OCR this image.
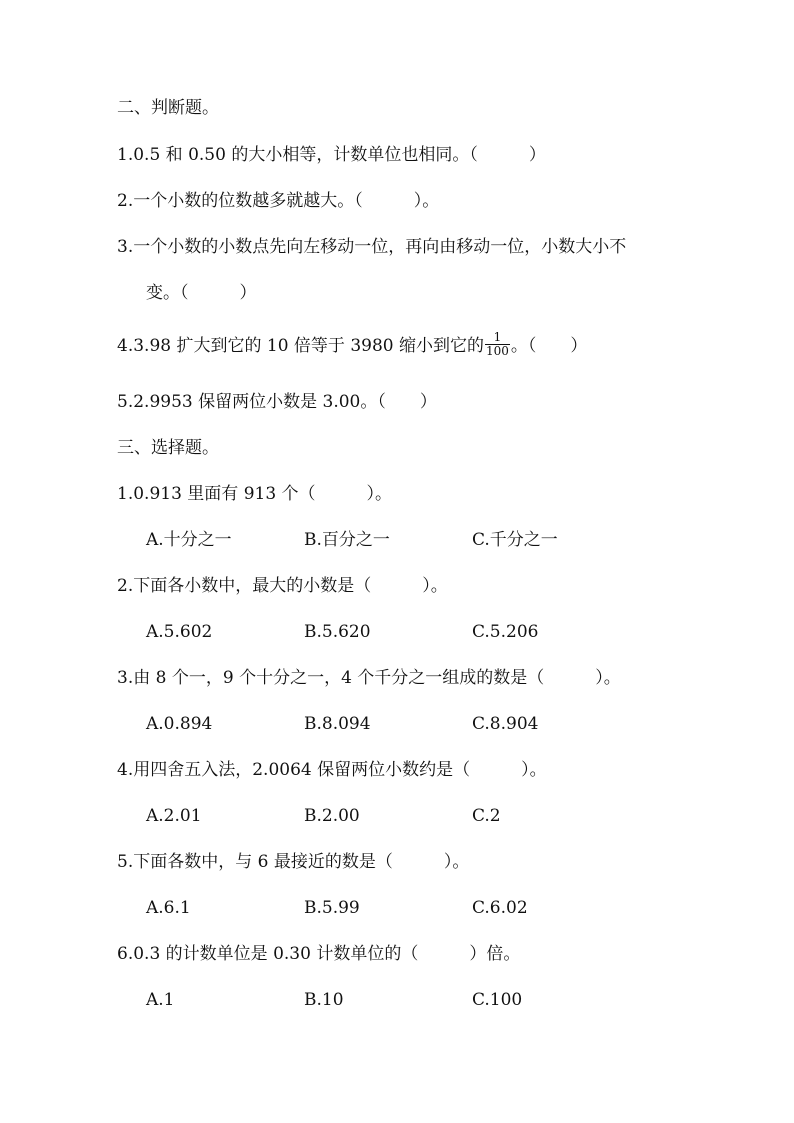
二、判断题。
1.0.5 和 0.50 的大小相等，计数单位也相同。（　　　）
2.一个小数的位数越多就越大。（　　　）。
3.一个小数的小数点先向左移动一位，再向由移动一位，小数大小不
变。（　　　）
4.3.98 扩大到它的 10 倍等于 3980 缩小到它的 $\frac{1}{100}$ 。（　　）
5.2.9953 保留两位小数是 3.00。（　　）
三、选择题。
1.0.913 里面有 913 个（　　　）。
A.十分之一	B.百分之一	C.千分之一
2.下面各小数中，最大的小数是（　　　）。
A.5.602	B.5.620	C.5.206
3.由 8 个一，9 个十分之一，4 个千分之一组成的数是（　　　）。
A.0.894	B.8.094	C.8.904
4.用四舍五入法，2.0064 保留两位小数约是（　　　）。
A.2.01	B.2.00	C.2
5.下面各数中，与 6 最接近的数是（　　　）。
A.6.1	B.5.99	C.6.02
6.0.3 的计数单位是 0.30 计数单位的（　　　）倍。
A.1	B.10	C.100
